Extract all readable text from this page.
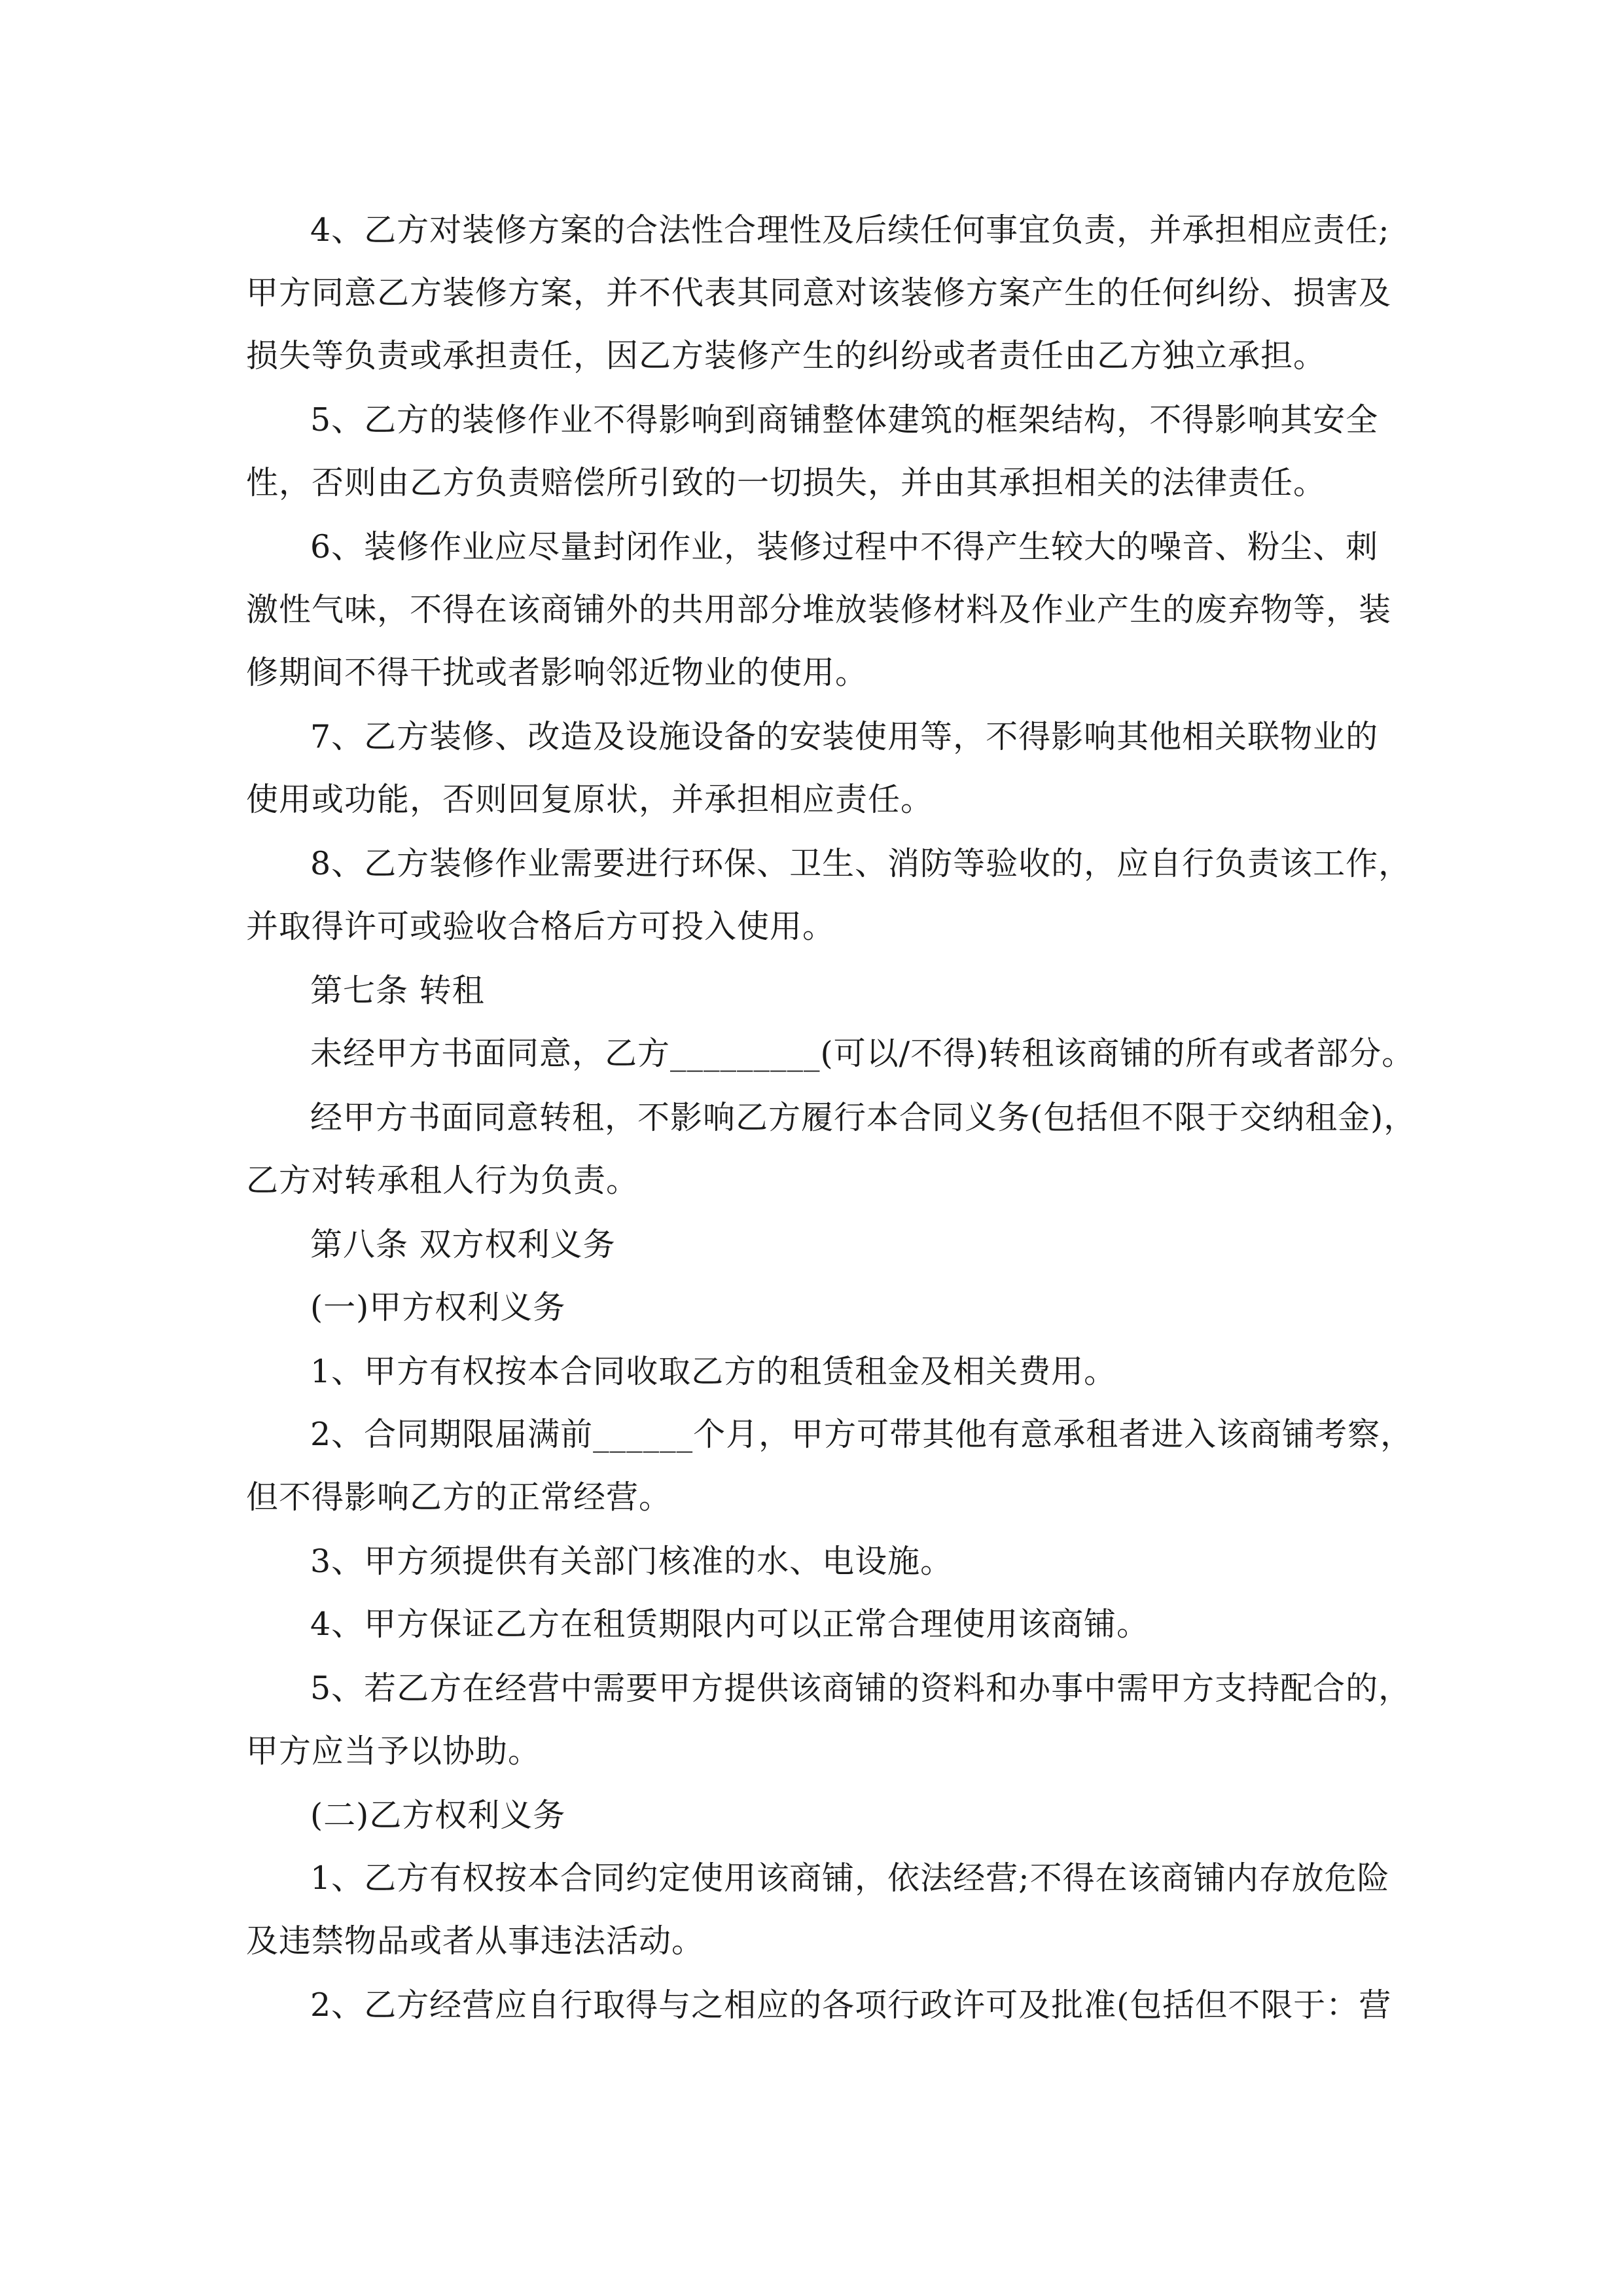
4、乙方对装修方案的合法性合理性及后续任何事宜负责，并承担相应责任;
甲方同意乙方装修方案，并不代表其同意对该装修方案产生的任何纠纷、损害及
损失等负责或承担责任，因乙方装修产生的纠纷或者责任由乙方独立承担。
5、乙方的装修作业不得影响到商铺整体建筑的框架结构，不得影响其安全
性，否则由乙方负责赔偿所引致的一切损失，并由其承担相关的法律责任。
6、装修作业应尽量封闭作业，装修过程中不得产生较大的噪音、粉尘、刺
激性气味，不得在该商铺外的共用部分堆放装修材料及作业产生的废弃物等，装
修期间不得干扰或者影响邻近物业的使用。
7、乙方装修、改造及设施设备的安装使用等，不得影响其他相关联物业的
使用或功能，否则回复原状，并承担相应责任。
8、乙方装修作业需要进行环保、卫生、消防等验收的，应自行负责该工作，
并取得许可或验收合格后方可投入使用。
第七条 转租
未经甲方书面同意，乙方_________(可以/不得)转租该商铺的所有或者部分。
经甲方书面同意转租，不影响乙方履行本合同义务(包括但不限于交纳租金)，
乙方对转承租人行为负责。
第八条 双方权利义务
(一)甲方权利义务
1、甲方有权按本合同收取乙方的租赁租金及相关费用。
2、合同期限届满前______个月，甲方可带其他有意承租者进入该商铺考察，
但不得影响乙方的正常经营。
3、甲方须提供有关部门核准的水、电设施。
4、甲方保证乙方在租赁期限内可以正常合理使用该商铺。
5、若乙方在经营中需要甲方提供该商铺的资料和办事中需甲方支持配合的，
甲方应当予以协助。
(二)乙方权利义务
1、乙方有权按本合同约定使用该商铺，依法经营;不得在该商铺内存放危险
及违禁物品或者从事违法活动。
2、乙方经营应自行取得与之相应的各项行政许可及批准(包括但不限于：营
